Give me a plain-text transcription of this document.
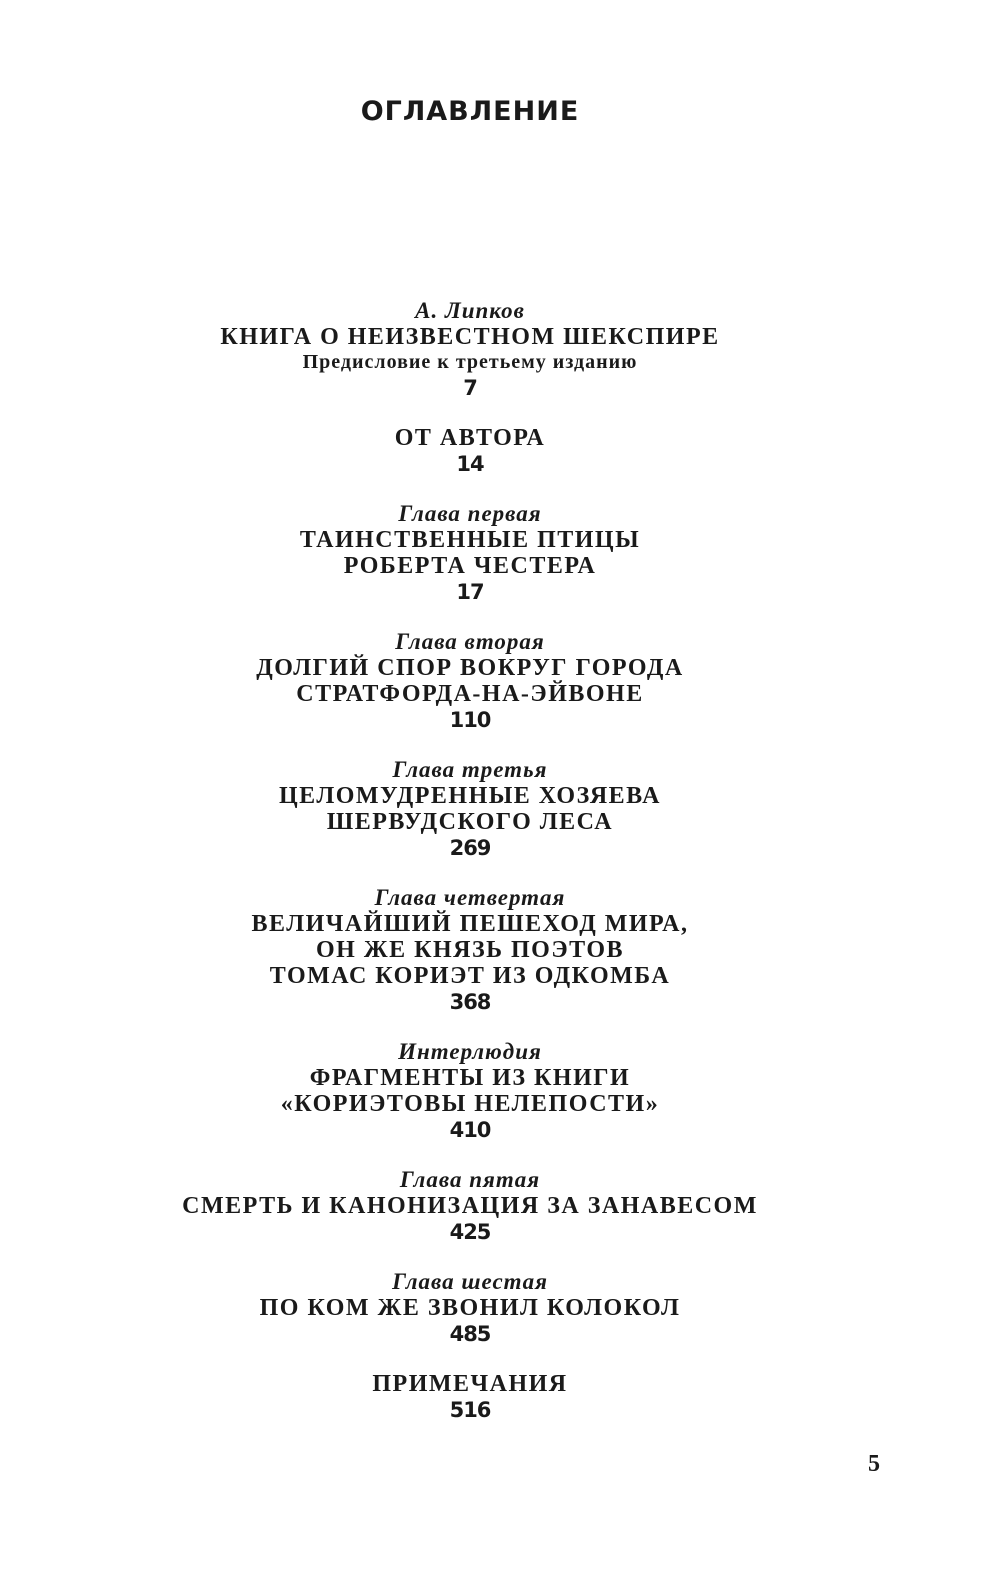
ОГЛАВЛЕНИЕ
А. Липков
КНИГА О НЕИЗВЕСТНОМ ШЕКСПИРЕ
Предисловие к третьему изданию
7
ОТ АВТОРА
14
Глава первая
ТАИНСТВЕННЫЕ ПТИЦЫ
РОБЕРТА ЧЕСТЕРА
17
Глава вторая
ДОЛГИЙ СПОР ВОКРУГ ГОРОДА
СТРАТФОРДА-НА-ЭЙВОНЕ
110
Глава третья
ЦЕЛОМУДРЕННЫЕ ХОЗЯЕВА
ШЕРВУДСКОГО ЛЕСА
269
Глава четвертая
ВЕЛИЧАЙШИЙ ПЕШЕХОД МИРА,
ОН ЖЕ КНЯЗЬ ПОЭТОВ
ТОМАС КОРИЭТ ИЗ ОДКОМБА
368
Интерлюдия
ФРАГМЕНТЫ ИЗ КНИГИ
«КОРИЭТОВЫ НЕЛЕПОСТИ»
410
Глава пятая
СМЕРТЬ И КАНОНИЗАЦИЯ ЗА ЗАНАВЕСОМ
425
Глава шестая
ПО КОМ ЖЕ ЗВОНИЛ КОЛОКОЛ
485
ПРИМЕЧАНИЯ
516
5
